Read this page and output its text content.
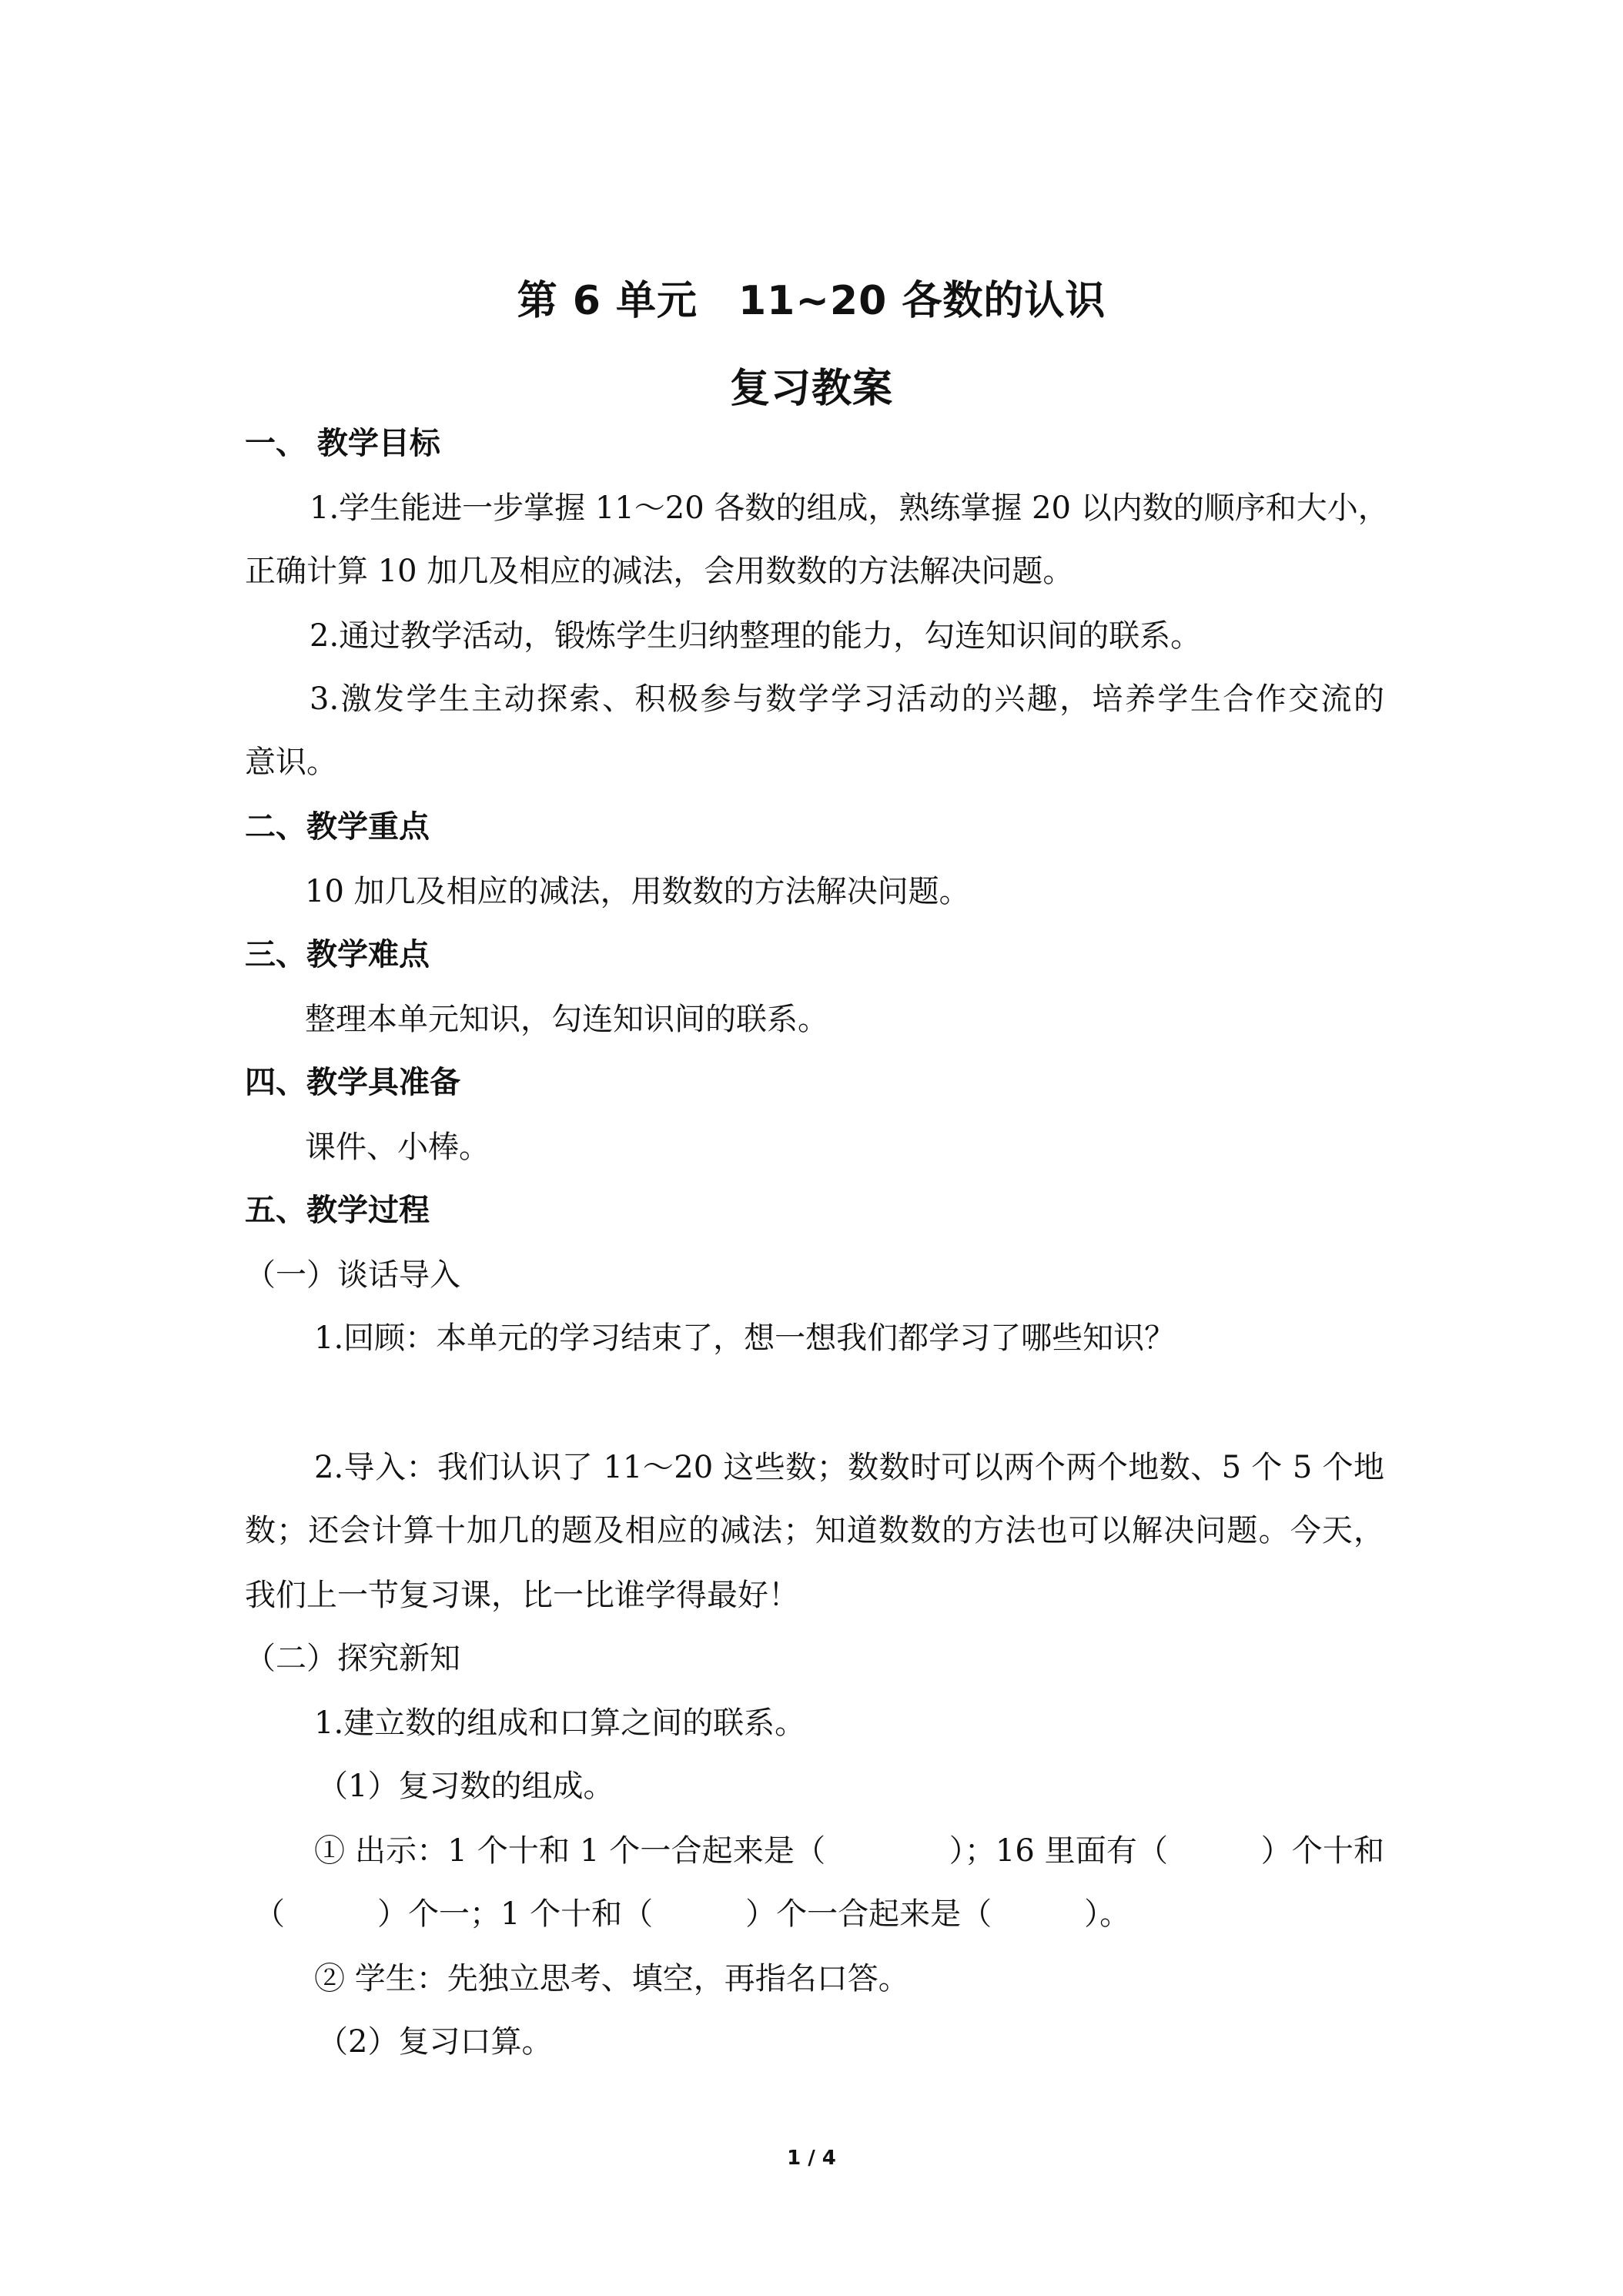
第 6 单元　11~20 各数的认识
复习教案
一、 教学目标
1.学生能进一步掌握 11～20 各数的组成，熟练掌握 20 以内数的顺序和大小，
正确计算 10 加几及相应的减法，会用数数的方法解决问题。
2.通过教学活动，锻炼学生归纳整理的能力，勾连知识间的联系。
3.激发学生主动探索、积极参与数学学习活动的兴趣，培养学生合作交流的
意识。
二、教学重点
10 加几及相应的减法，用数数的方法解决问题。
三、教学难点
整理本单元知识，勾连知识间的联系。
四、教学具准备
课件、小棒。
五、教学过程
（一）谈话导入
1.回顾：本单元的学习结束了，想一想我们都学习了哪些知识？
2.导入：我们认识了 11～20 这些数；数数时可以两个两个地数、5 个 5 个地
数；还会计算十加几的题及相应的减法；知道数数的方法也可以解决问题。今天，
我们上一节复习课，比一比谁学得最好！
（二）探究新知
1.建立数的组成和口算之间的联系。
（1）复习数的组成。
① 出示：1 个十和 1 个一合起来是（　　　　）；16 里面有（　　　）个十和
（　　　）个一；1 个十和（　　　）个一合起来是（　　　）。
② 学生：先独立思考、填空，再指名口答。
（2）复习口算。
1 / 4
